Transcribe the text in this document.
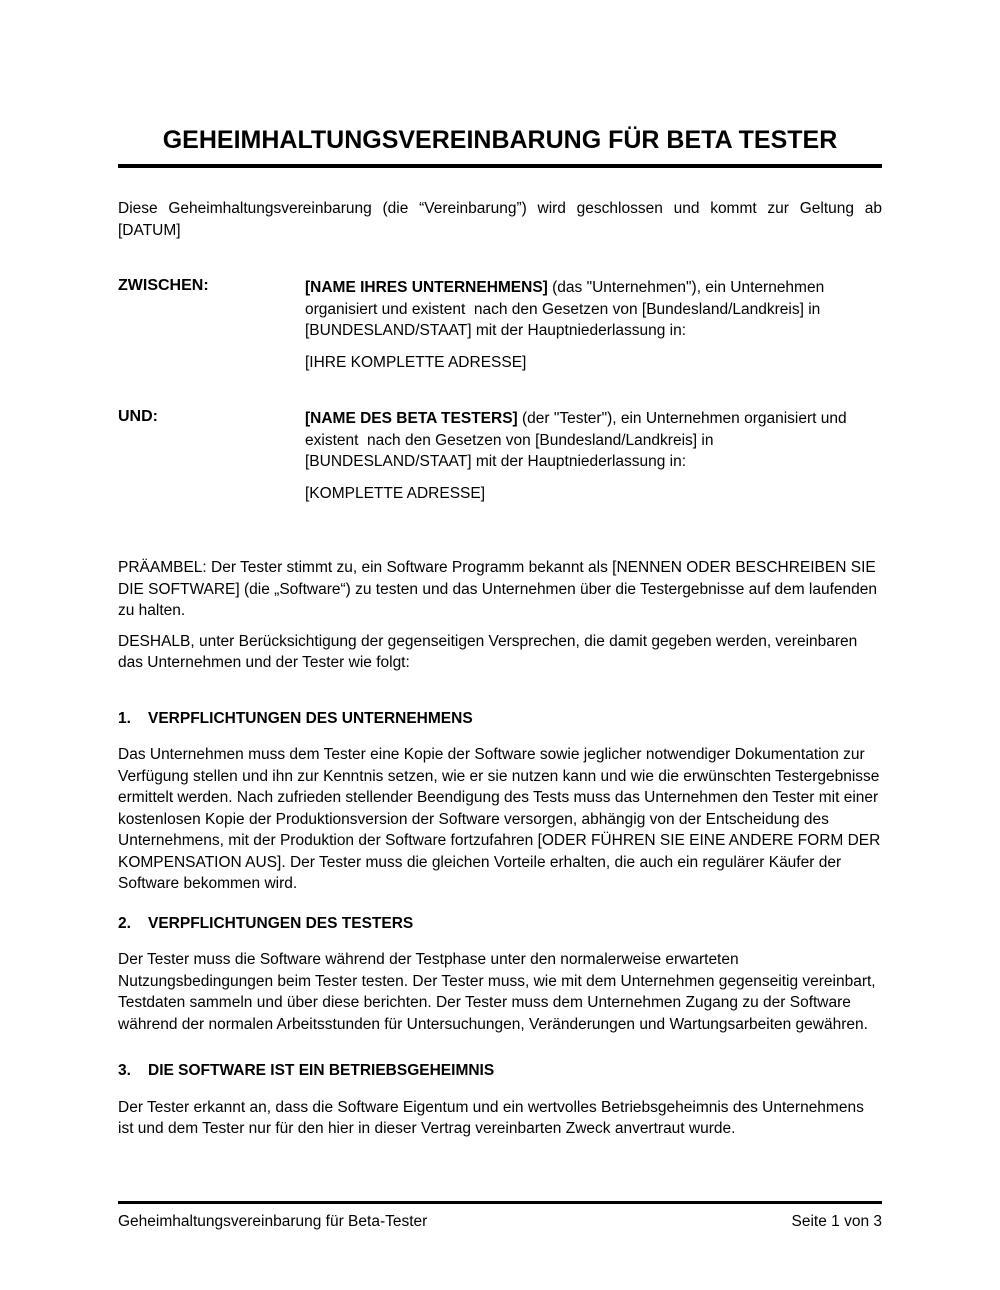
GEHEIMHALTUNGSVEREINBARUNG FÜR BETA TESTER

Diese Geheimhaltungsvereinbarung (die “Vereinbarung”) wird geschlossen und kommt zur Geltung ab [DATUM]

ZWISCHEN:	[NAME IHRES UNTERNEHMENS] (das "Unternehmen"), ein Unternehmen organisiert und existent  nach den Gesetzen von [Bundesland/Landkreis] in [BUNDESLAND/STAAT] mit der Hauptniederlassung in:

[IHRE KOMPLETTE ADRESSE]

UND:	[NAME DES BETA TESTERS] (der "Tester"), ein Unternehmen organisiert und existent  nach den Gesetzen von [Bundesland/Landkreis] in [BUNDESLAND/STAAT] mit der Hauptniederlassung in:

[KOMPLETTE ADRESSE]

PRÄAMBEL: Der Tester stimmt zu, ein Software Programm bekannt als [NENNEN ODER BESCHREIBEN SIE DIE SOFTWARE] (die „Software“) zu testen und das Unternehmen über die Testergebnisse auf dem laufenden zu halten.

DESHALB, unter Berücksichtigung der gegenseitigen Versprechen, die damit gegeben werden, vereinbaren das Unternehmen und der Tester wie folgt:

1.	VERPFLICHTUNGEN DES UNTERNEHMENS

Das Unternehmen muss dem Tester eine Kopie der Software sowie jeglicher notwendiger Dokumentation zur Verfügung stellen und ihn zur Kenntnis setzen, wie er sie nutzen kann und wie die erwünschten Testergebnisse ermittelt werden. Nach zufrieden stellender Beendigung des Tests muss das Unternehmen den Tester mit einer kostenlosen Kopie der Produktionsversion der Software versorgen, abhängig von der Entscheidung des Unternehmens, mit der Produktion der Software fortzufahren [ODER FÜHREN SIE EINE ANDERE FORM DER KOMPENSATION AUS]. Der Tester muss die gleichen Vorteile erhalten, die auch ein regulärer Käufer der Software bekommen wird.

2.	VERPFLICHTUNGEN DES TESTERS

Der Tester muss die Software während der Testphase unter den normalerweise erwarteten Nutzungsbedingungen beim Tester testen. Der Tester muss, wie mit dem Unternehmen gegenseitig vereinbart, Testdaten sammeln und über diese berichten. Der Tester muss dem Unternehmen Zugang zu der Software während der normalen Arbeitsstunden für Untersuchungen, Veränderungen und Wartungsarbeiten gewähren.

3.	DIE SOFTWARE IST EIN BETRIEBSGEHEIMNIS

Der Tester erkannt an, dass die Software Eigentum und ein wertvolles Betriebsgeheimnis des Unternehmens ist und dem Tester nur für den hier in dieser Vertrag vereinbarten Zweck anvertraut wurde.

Geheimhaltungsvereinbarung für Beta-Tester	Seite 1 von 3
